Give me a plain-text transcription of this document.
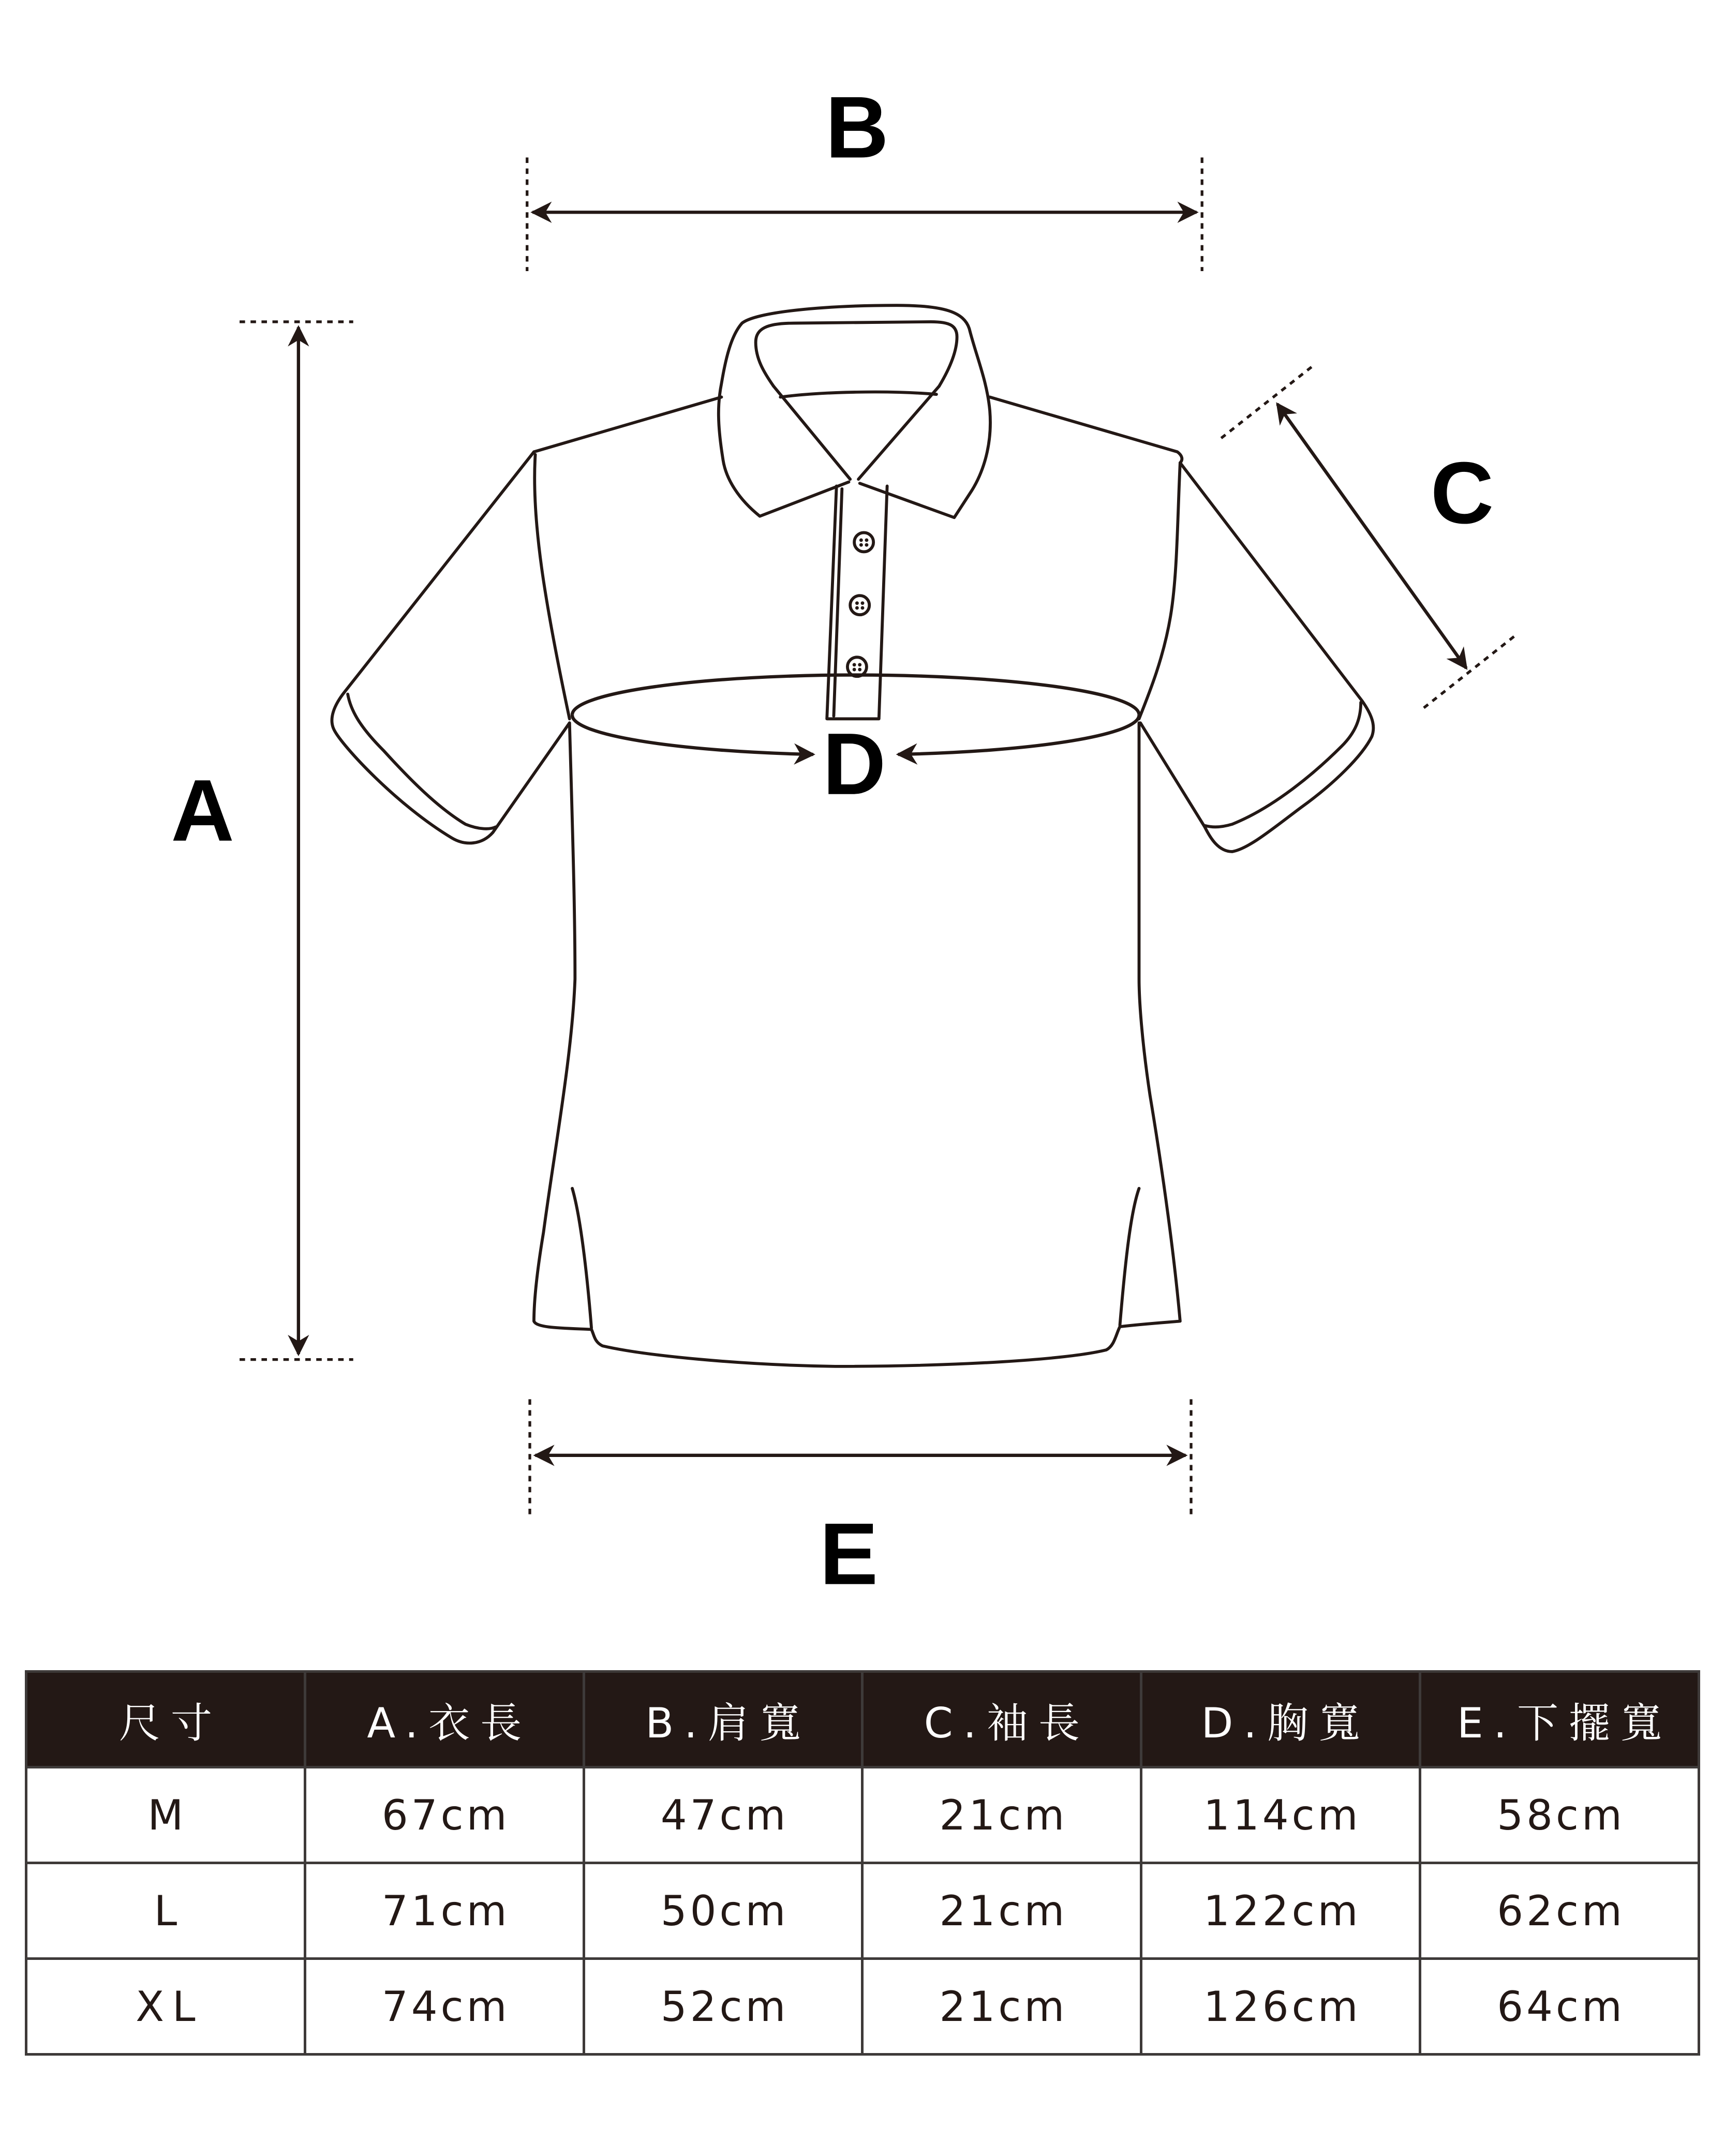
B
A
C
E
D
尺寸	A.衣長	B.肩寬	C.袖長	D.胸寬	E.下擺寬
M	67cm	47cm	21cm	114cm	58cm
L	71cm	50cm	21cm	122cm	62cm
XL	74cm	52cm	21cm	126cm	64cm
